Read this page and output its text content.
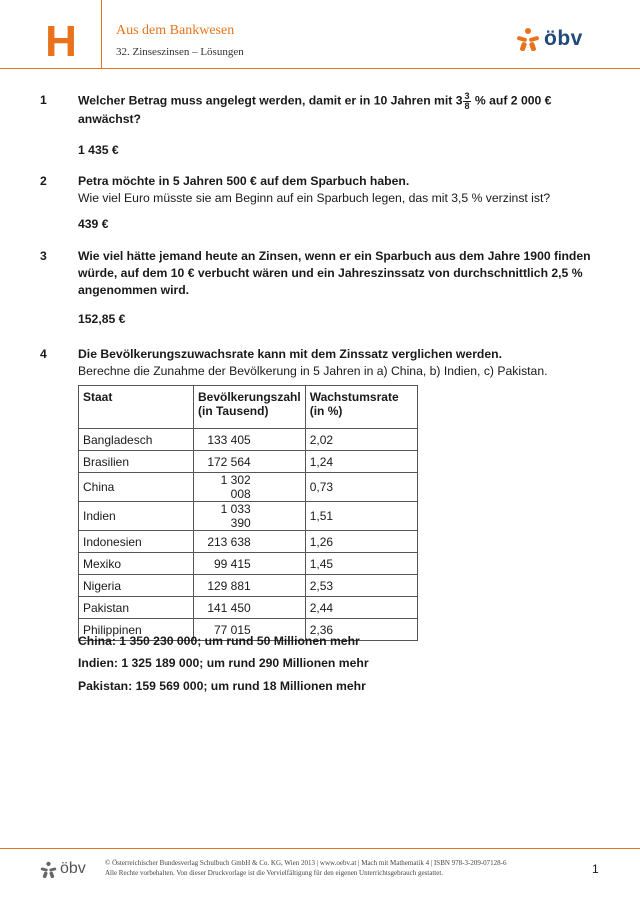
H	Aus dem Bankwesen
32. Zinseszinsen – Lösungen
öbv
1	Welcher Betrag muss angelegt werden, damit er in 10 Jahren mit $3 \frac{3}{8}$ % auf 2 000 € anwächst?

1 435 €

2	Petra möchte in 5 Jahren 500 € auf dem Sparbuch haben.

Wie viel Euro müsste sie am Beginn auf ein Sparbuch legen, das mit 3,5 % verzinst ist?

439 €

3	Wie viel hätte jemand heute an Zinsen, wenn er ein Sparbuch aus dem Jahre 1900 finden würde, auf dem 10 € verbucht wären und ein Jahreszinssatz von durchschnittlich 2,5 % angenommen wird.

152,85 €

4	Die Bevölkerungszuwachsrate kann mit dem Zinssatz verglichen werden.

Berechne die Zunahme der Bevölkerung in 5 Jahren in a) China, b) Indien, c) Pakistan.

Staat	Bevölkerungszahl (in Tausend)	Wachstumsrate (in %)
Bangladesch	133 405	2,02
Brasilien	172 564	1,24
China	1 302 008	0,73
Indien	1 033 390	1,51
Indonesien	213 638	1,26
Mexiko	99 415	1,45
Nigeria	129 881	2,53
Pakistan	141 450	2,44
Philippinen	77 015	2,36
China: 1 350 230 000; um rund 50 Millionen mehr
Indien: 1 325 189 000; um rund 290 Millionen mehr
Pakistan: 159 569 000; um rund 18 Millionen mehr
öbv	© Österreichischer Bundesverlag Schulbuch GmbH & Co. KG, Wien 2013 | www.oebv.at | Mach mit Mathematik 4 | ISBN 978-3-209-07128-6
Alle Rechte vorbehalten. Von dieser Druckvorlage ist die Vervielfältigung für den eigenen Unterrichtsgebrauch gestattet.	1
